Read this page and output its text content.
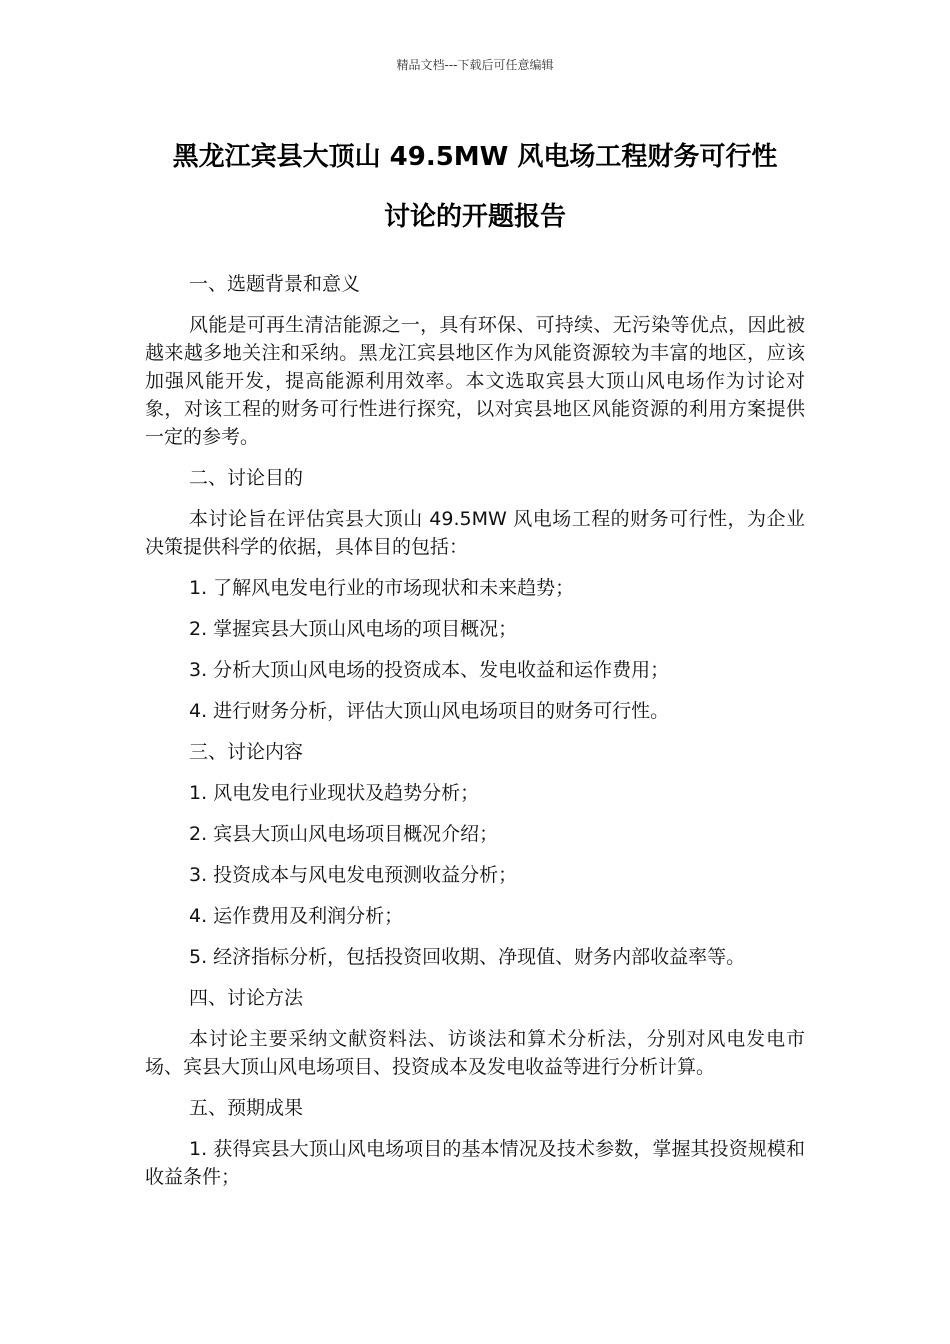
精品文档---下载后可任意编辑
黑龙江宾县大顶山 49.5MW 风电场工程财务可行性
讨论的开题报告

一、选题背景和意义

风能是可再生清洁能源之一，具有环保、可持续、无污染等优点，因此被越来越多地关注和采纳。黑龙江宾县地区作为风能资源较为丰富的地区，应该加强风能开发，提高能源利用效率。本文选取宾县大顶山风电场作为讨论对象，对该工程的财务可行性进行探究，以对宾县地区风能资源的利用方案提供一定的参考。

二、讨论目的

本讨论旨在评估宾县大顶山 49.5MW 风电场工程的财务可行性，为企业决策提供科学的依据，具体目的包括：

1. 了解风电发电行业的市场现状和未来趋势；

2. 掌握宾县大顶山风电场的项目概况；

3. 分析大顶山风电场的投资成本、发电收益和运作费用；

4. 进行财务分析，评估大顶山风电场项目的财务可行性。

三、讨论内容

1. 风电发电行业现状及趋势分析；

2. 宾县大顶山风电场项目概况介绍；

3. 投资成本与风电发电预测收益分析；

4. 运作费用及利润分析；

5. 经济指标分析，包括投资回收期、净现值、财务内部收益率等。

四、讨论方法

本讨论主要采纳文献资料法、访谈法和算术分析法，分别对风电发电市场、宾县大顶山风电场项目、投资成本及发电收益等进行分析计算。

五、预期成果

1. 获得宾县大顶山风电场项目的基本情况及技术参数，掌握其投资规模和收益条件；
